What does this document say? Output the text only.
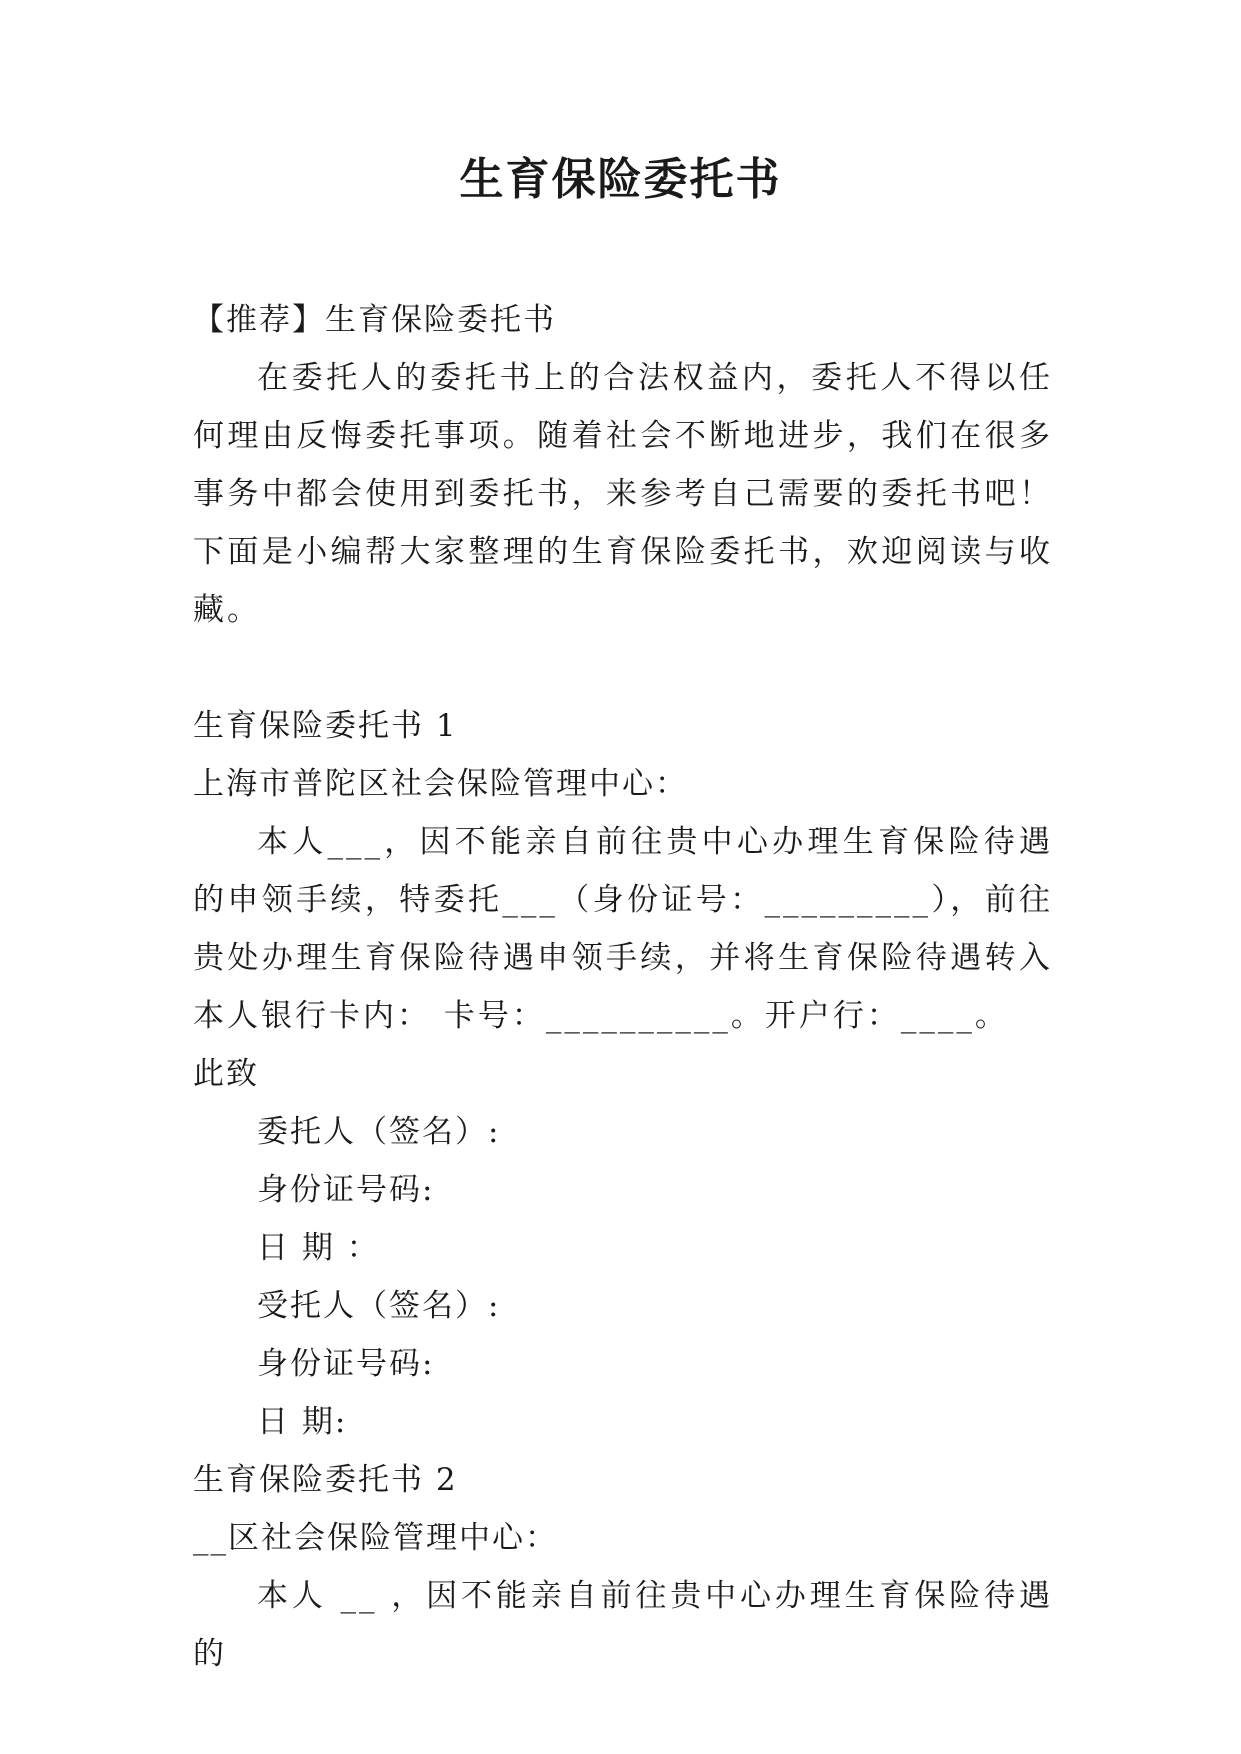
生育保险委托书
【推荐】生育保险委托书
在委托人的委托书上的合法权益内，委托人不得以任何理由反悔委托事项。随着社会不断地进步，我们在很多事务中都会使用到委托书，来参考自己需要的委托书吧！下面是小编帮大家整理的生育保险委托书，欢迎阅读与收藏。
生育保险委托书 1
上海市普陀区社会保险管理中心：
本人___，因不能亲自前往贵中心办理生育保险待遇的申领手续，特委托___（身份证号：_________），前往贵处办理生育保险待遇申领手续，并将生育保险待遇转入本人银行卡内： 卡号：__________。开户行：____。
此致
委托人（签名）:
身份证号码:
日 期 ：
受托人（签名）:
身份证号码:
日 期:
生育保险委托书 2
__区社会保险管理中心：
本人 __ ，因不能亲自前往贵中心办理生育保险待遇的
